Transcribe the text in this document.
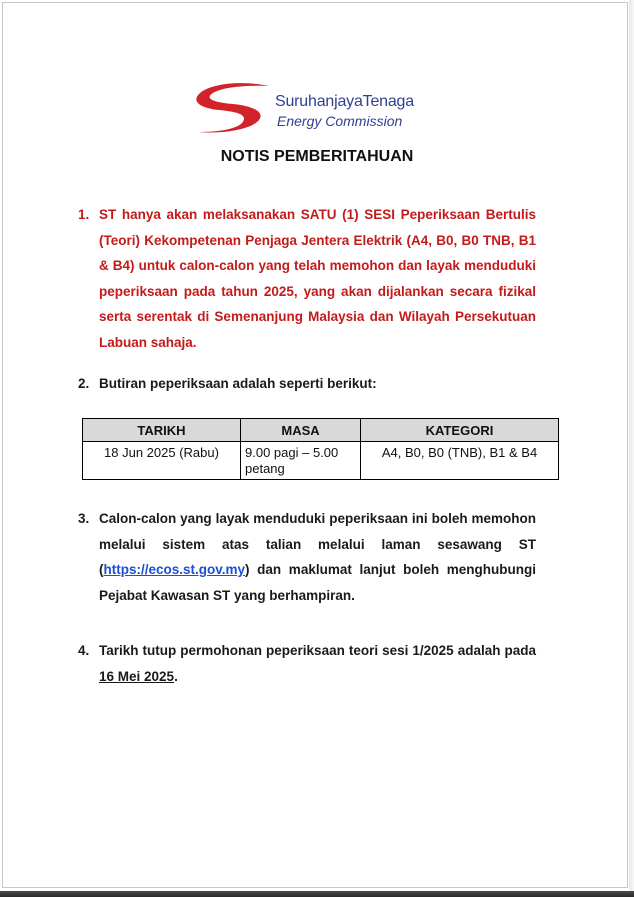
SuruhanjayaTenaga
Energy Commission
NOTIS PEMBERITAHUAN
1. ST hanya akan melaksanakan SATU (1) SESI Peperiksaan Bertulis (Teori) Kekompetenan Penjaga Jentera Elektrik (A4, B0, B0 TNB, B1 & B4) untuk calon-calon yang telah memohon dan layak menduduki peperiksaan pada tahun 2025, yang akan dijalankan secara fizikal serta serentak di Semenanjung Malaysia dan Wilayah Persekutuan Labuan sahaja.
2. Butiran peperiksaan adalah seperti berikut:
TARIKH	MASA	KATEGORI
18 Jun 2025 (Rabu)	9.00 pagi – 5.00 petang	A4, B0, B0 (TNB), B1 & B4
3. Calon-calon yang layak menduduki peperiksaan ini boleh memohon melalui sistem atas talian melalui laman sesawang ST (https://ecos.st.gov.my) dan maklumat lanjut boleh menghubungi Pejabat Kawasan ST yang berhampiran.
4. Tarikh tutup permohonan peperiksaan teori sesi 1/2025 adalah pada 16 Mei 2025.
